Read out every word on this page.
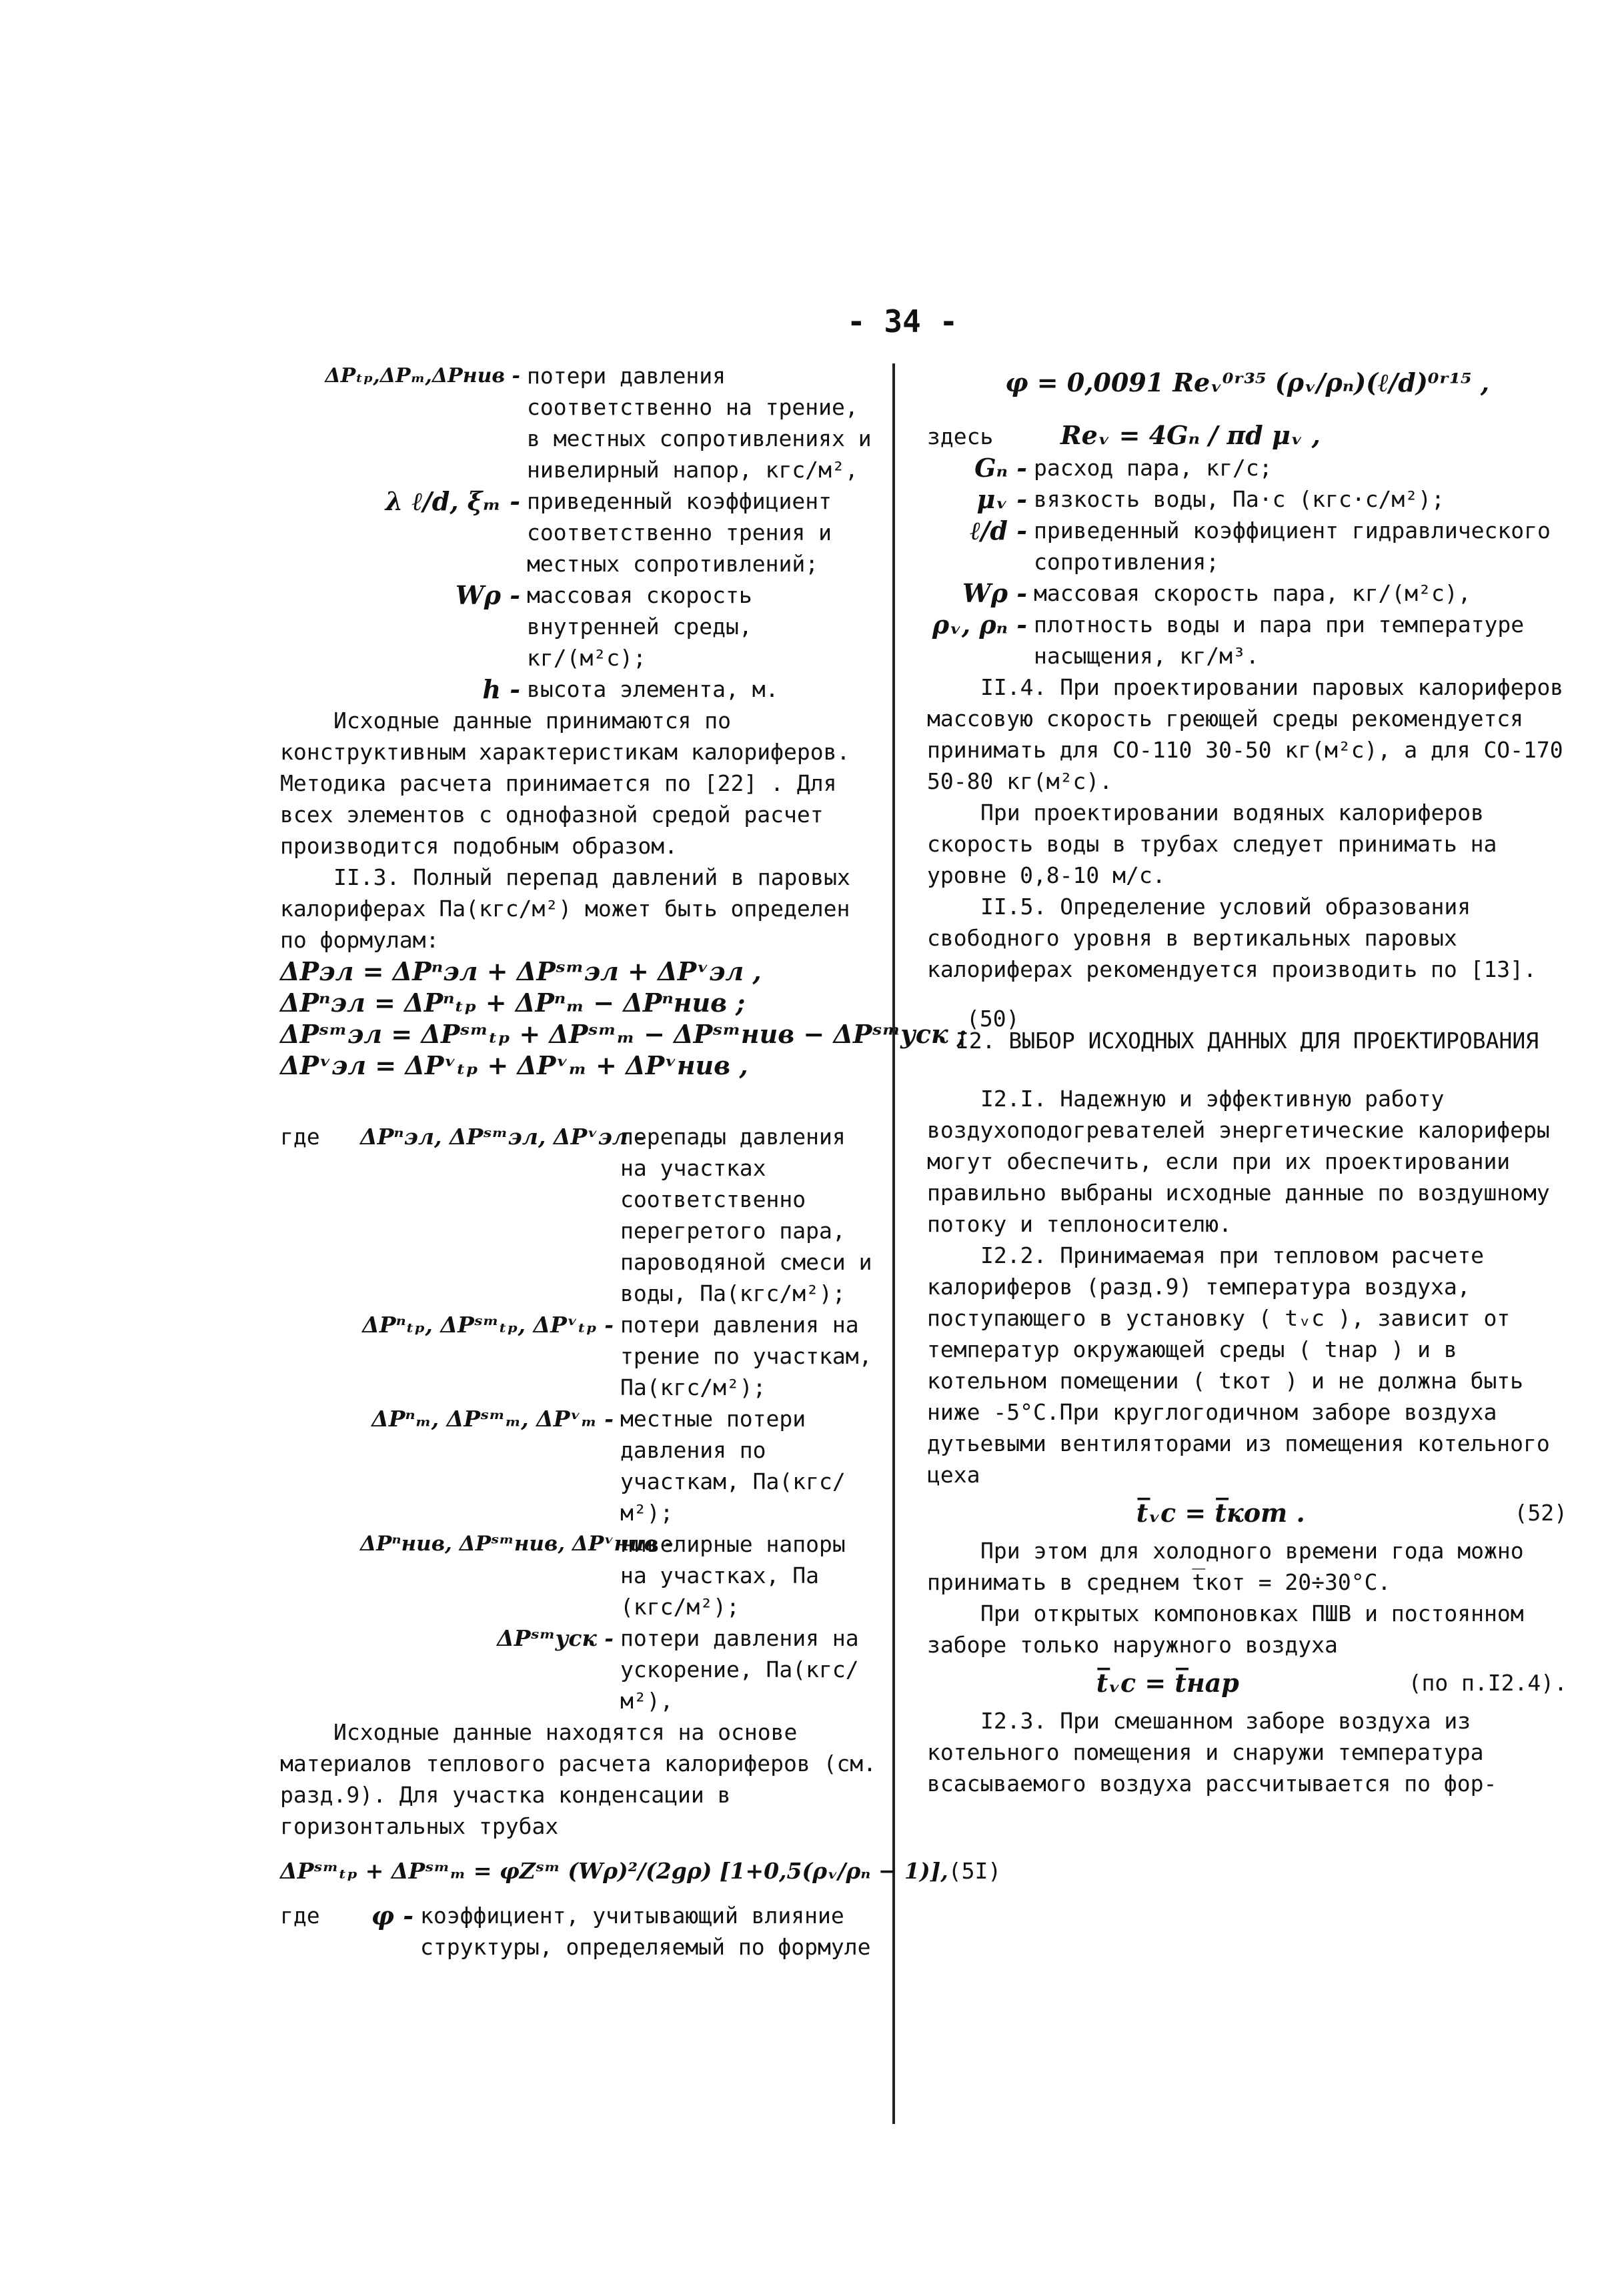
- 34 -
ΔPₜₚ,ΔPₘ,ΔPнив - потери давления соответственно на трение, в местных сопротивлениях и нивелирный напор, кгс/м²,
λ ℓ/d, ξₘ - приведенный коэффициент соответственно трения и местных сопротивлений;
Wρ - массовая скорость внутренней среды, кг/(м²с);
h - высота элемента, м.

Исходные данные принимаются по конструктивным характеристикам калориферов. Методика расчета принимается по [22] . Для всех элементов с однофазной средой расчет производится подобным образом.

II.3. Полный перепад давлений в паровых калориферах Па(кгс/м²) может быть определен по формулам:

ΔPэл = ΔPⁿэл + ΔPˢᵐэл + ΔPᵛэл ,
ΔPⁿэл = ΔPⁿₜₚ + ΔPⁿₘ − ΔPⁿнив ;
ΔPˢᵐэл = ΔPˢᵐₜₚ + ΔPˢᵐₘ − ΔPˢᵐнив − ΔPˢᵐуск ;
ΔPᵛэл = ΔPᵛₜₚ + ΔPᵛₘ + ΔPᵛнив ,
(50)
где	ΔPⁿэл, ΔPˢᵐэл, ΔPᵛэл -
перепады давления на участках соответственно перегретого пара, пароводяной смеси и воды, Па(кгс/м²);
ΔPⁿₜₚ, ΔPˢᵐₜₚ, ΔPᵛₜₚ - потери давления на трение по участкам, Па(кгс/м²);
ΔPⁿₘ, ΔPˢᵐₘ, ΔPᵛₘ - местные потери давления по участкам, Па(кгс/м²);
ΔPⁿнив, ΔPˢᵐнив, ΔPᵛнив -
нивелирные напоры на участках, Па (кгс/м²);
ΔPˢᵐуск - потери давления на ускорение, Па(кгс/м²),

Исходные данные находятся на основе материалов теплового расчета калориферов (см. разд.9). Для участка конденсации в горизонтальных трубах

ΔPˢᵐₜₚ + ΔPˢᵐₘ = φZˢᵐ (Wρ)²/(2gρ) [1+0,5(ρᵥ/ρₙ − 1)], (5I)
где	φ - коэффициент, учитывающий влияние структуры, определяемый по формуле
φ = 0,0091 Reᵥ⁰ʳ³⁵ (ρᵥ/ρₙ)(ℓ/d)⁰ʳ¹⁵ ,
здесь	Reᵥ = 4Gₙ / πd μᵥ ,
Gₙ - расход пара, кг/с;
μᵥ - вязкость воды, Па·с (кгс·с/м²);
ℓ/d - приведенный коэффициент гидравлического сопротивления;
Wρ - массовая скорость пара, кг/(м²с),
ρᵥ, ρₙ - плотность воды и пара при температуре насыщения, кг/м³.

II.4. При проектировании паровых калориферов массовую скорость греющей среды рекомендуется принимать для СО-110 30-50 кг(м²с), а для СО-170 50-80 кг(м²с).

При проектировании водяных калориферов скорость воды в трубах следует принимать на уровне 0,8-10 м/с.

II.5. Определение условий образования свободного уровня в вертикальных паровых калориферах рекомендуется производить по [13].

I2. ВЫБОР ИСХОДНЫХ ДАННЫХ ДЛЯ ПРОЕКТИРОВАНИЯ

I2.I. Надежную и эффективную работу воздухоподогревателей энергетические калориферы могут обеспечить, если при их проектировании правильно выбраны исходные данные по воздушному потоку и теплоносителю.

I2.2. Принимаемая при тепловом расчете калориферов (разд.9) температура воздуха, поступающего в установку ( tᵥс ), зависит от температур окружающей среды ( tнар ) и в котельном помещении ( tкот ) и не должна быть ниже -5°С.При круглогодичном заборе воздуха дутьевыми вентиляторами из помещения котельного цеха

t̅ᵥс = t̅кот .	(52)

При этом для холодного времени года можно принимать в среднем t̅кот = 20÷30°С.

При открытых компоновках ПШВ и постоянном заборе только наружного воздуха

t̅ᵥс = t̅нар	(по п.I2.4).

I2.3. При смешанном заборе воздуха из котельного помещения и снаружи температура всасываемого воздуха рассчитывается по фор-
